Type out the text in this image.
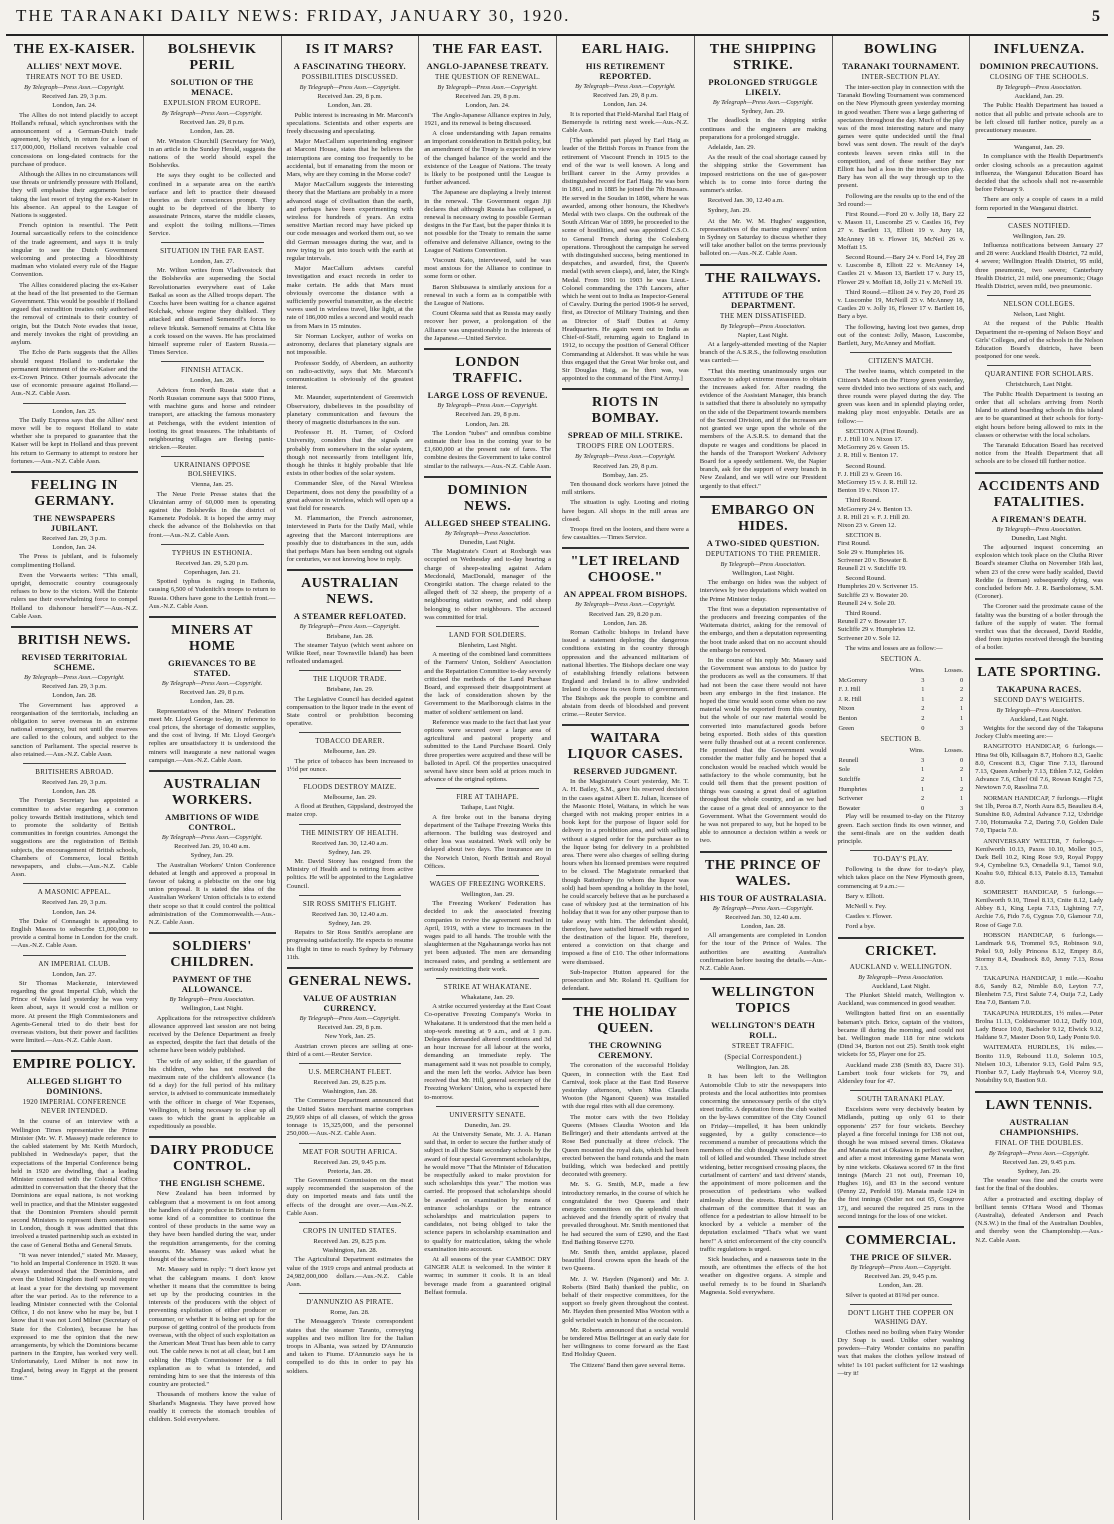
THE TARANAKI DAILY NEWS: FRIDAY, JANUARY 30, 1920.	5
THE EX-KAISER.
ALLIES' NEXT MOVE.
THREATS NOT TO BE USED.
By Telegraph—Press Assn.—Copyright.
Received Jan. 29, 3 p.m.
London, Jan. 24.

The Allies do not intend placidly to accept Holland's refusal, which synchronises with the announcement of a German-Dutch trade agreement, by which, in return for a loan of £17,000,000, Holland receives valuable coal concessions on long-dated contracts for the purchase of produce.

Although the Allies in no circumstances will use threats or unfriendly pressure with Holland, they will emphasise their arguments before taking the last resort of trying the ex-Kaiser in his absence. An appeal to the League of Nations is suggested.

French opinion is resentful. The Petit Journal sarcastically refers to the coincidence of the trade agreement, and says it is truly singular to see the Dutch Government welcoming and protecting a bloodthirsty madman who violated every rule of the Hague Convention.

The Allies considered placing the ex-Kaiser at the head of the list presented to the German Government. This would be possible if Holland argued that extradition treaties only authorised the removal of criminals to their country of origin, but the Dutch Note evades that issue, and merely invokes the right of providing an asylum.

The Echo de Paris suggests that the Allies should request Holland to undertake the permanent internment of the ex-Kaiser and the ex-Crown Prince. Other journals advocate the use of economic pressure against Holland.—Aus.-N.Z. Cable Assn.

London, Jan. 25.

The Daily Express says that the Allies' next move will be to request Holland to state whether she is prepared to guarantee that the Kaiser will be kept in Holland and thus prevent his return to Germany to attempt to restore her fortunes.—Aus.-N.Z. Cable Assn.

FEELING IN GERMANY.
THE NEWSPAPERS JUBILANT.
Received Jan. 29, 3 p.m.
London, Jan. 24.

The Press is jubilant, and is fulsomely complimenting Holland.

Even the Vorwaerts writes: "This small, upright, democratic country courageously refuses to bow to the victors. Will the Entente rulers use their overwhelming force to compel Holland to dishonour herself?"—Aus.-N.Z. Cable Assn.

BRITISH NEWS.
REVISED TERRITORIAL SCHEME.
By Telegraph—Press Assn.—Copyright.
Received Jan. 29, 3 p.m.
London, Jan. 28.

The Government has approved a reorganisation of the territorials, including an obligation to serve overseas in an extreme national emergency, but not until the reserves are called to the colours, and subject to the sanction of Parliament. The special reserve is also retained.—Aus.-N.Z. Cable Assn.

BRITISHERS ABROAD.
Received Jan. 29, 3 p.m.
London, Jan. 28.

The Foreign Secretary has appointed a committee to advise regarding a common policy towards British institutions, which tend to promote the solidarity of British communities in foreign countries. Amongst the suggestions are the registration of British subjects, the encouragement of British schools, Chambers of Commerce, local British newspapers, and clubs.—Aus.-N.Z. Cable Assn.

A MASONIC APPEAL.
Received Jan. 29, 3 p.m.
London, Jan. 24.

The Duke of Connaught is appealing to English Masons to subscribe £1,000,000 to provide a central home in London for the craft.—Aus.-N.Z. Cable Assn.

AN IMPERIAL CLUB.
London, Jan. 27.

Sir Thomas Mackenzie, interviewed regarding the great Imperial Club, which the Prince of Wales laid yesterday he was very keen about, says it would cost a million or more. At present the High Commissioners and Agents-General tried to do their best for overseas visitors, but their power and facilities were limited.—Aus.-N.Z. Cable Assn.

EMPIRE POLICY.
ALLEGED SLIGHT TO DOMINIONS.
1920 IMPERIAL CONFERENCE NEVER INTENDED.

In the course of an interview with a Wellington Times representative the Prime Minister (Mr. W. F. Massey) made reference to the cabled statement by Mr. Keith Murdoch, published in Wednesday's paper, that the expectations of the Imperial Conference being held in 1920 are dwindling, that a leading Minister connected with the Colonial Office admitted in conversation that the theory that the Dominions are equal nations, is not working well in practice, and that the Minister suggested that the Dominion Premiers should permit second Ministers to represent them sometimes in London, though it was admitted that this involved a trusted partnership such as existed in the case of General Botha and General Smuts.

"It was never intended," stated Mr. Massey, "to hold an Imperial Conference in 1920. It was always understood that the Dominions, and even the United Kingdom itself would require at least a year for the devising up movement after the war period. As to the reference to a leading Minister connected with the Colonial Office, I do not know who he may be, but I know that it was not Lord Milner (Secretary of State for the Colonies), because he has expressed to me the opinion that the new arrangements, by which the Dominions became partners in the Empire, has worked very well. Unfortunately, Lord Milner is not now in England, being away in Egypt at the present time."

BOLSHEVIK PERIL
SOLUTION OF THE MENACE.
EXPULSION FROM EUROPE.
By Telegraph—Press Assn.—Copyright.
Received Jan. 29, 8 p.m.
London, Jan. 28.

Mr. Winston Churchill (Secretary for War), in an article in the Sunday Herald, suggests the nations of the world should expel the Bolsheviks.

He says they ought to be collected and confined in a separate area on the earth's surface and left to practice their diseased theories as their consciences prompt. They ought to be deprived of the liberty to assassinate Princes, starve the middle classes, and exploit the toiling millions.—Times Service.

SITUATION IN THE FAR EAST.
London, Jan. 27.

Mr. Wilton writes from Vladivostock that the Bolsheviks are superseding the Social Revolutionaries everywhere east of Lake Baikal as soon as the Allied troops depart. The Czechs have been waiting for a chance against Kolchak, whose regime they disliked. They attacked and disarmed Semenoff's forces to relieve Irkutsk. Semenoff remains at Chita like a cork tossed on the waves. He has proclaimed himself supreme ruler of Eastern Russia.—Times Service.

FINNISH ATTACK.
London, Jan. 28.

Advices from North Russia state that a North Russian commune says that 5000 Finns, with machine guns and horse and reindeer transport, are attacking the famous monastery at Petchenga, with the evident intention of looting its great treasures. The inhabitants of neighbouring villages are fleeing panic-stricken.—Reuter.

UKRAINIANS OPPOSE BOLSHEVIKS.
Vienna, Jan. 25.

The Neue Freie Presse states that the Ukrainian army of 60,000 men is operating against the Bolsheviks in the district of Kamenetz Podolsk. It is hoped the army may check the advance of the Bolsheviks on that front.—Aus.-N.Z. Cable Assn.

TYPHUS IN ESTHONIA.
Received Jan. 29, 5.20 p.m.
Copenhagen, Jan. 21.

Spotted typhus is raging in Esthonia, causing 6,500 of Yudenitch's troops to return to Russia. Others have gone to the Lettish front.—Aus.-N.Z. Cable Assn.

MINERS AT HOME
GRIEVANCES TO BE STATED.
By Telegraph—Press Assn.—Copyright.
Received Jan. 29, 8 p.m.
London, Jan. 28.

Representatives of the Miners' Federation meet Mr. Lloyd George to-day, in reference to coal prices, the shortage of domestic supplies, and the cost of living. If Mr. Lloyd George's replies are unsatisfactory it is understood the miners will inaugurate a new national wages campaign.—Aus.-N.Z. Cable Assn.

AUSTRALIAN WORKERS.
AMBITIONS OF WIDE CONTROL.
By Telegraph—Press Assn.—Copyright.
Received Jan. 29, 10.40 a.m.
Sydney, Jan. 29.

The Australian Workers' Union Conference debated at length and approved a proposal in favour of taking a plebiscite on the one big union proposal. It is stated the idea of the Australian Workers' Union officials is to extend their scope so that it could control the political administration of the Commonwealth.—Aus.-N.Z. Cable Assn.

SOLDIERS' CHILDREN.
PAYMENT OF THE ALLOWANCE.
By Telegraph—Press Association.
Wellington, Last Night.

Applications for the retrospective children's allowance approved last session are not being received by the Defence Department as freely as expected, despite the fact that details of the scheme have been widely published.

The wife of any soldier, if the guardian of his children, who has not received the maximum rate of the children's allowance (1s 6d a day) for the full period of his military service, is advised to communicate immediately with the officer in charge of War Expenses, Wellington, it being necessary to clear up all cases to which the grant is applicable as expeditiously as possible.

DAIRY PRODUCE CONTROL.
THE ENGLISH SCHEME.

New Zealand has been informed by cablegram that a movement is on foot among the handlers of dairy produce in Britain to form some kind of a committee to continue the control of these products in the same way as they have been handled during the war, under the requisition arrangements, for the coming seasons. Mr. Massey was asked what he thought of the scheme.

Mr. Massey said in reply: "I don't know yet what the cablegram means. I don't know whether it means that the committee is being set up by the producing countries in the interests of the producers with the object of preventing exploitation of either producer or consumer, or whether it is being set up for the purpose of getting control of the products from overseas, with the object of such exploitation as the American Meat Trust has been able to carry out. The cable news is not at all clear, but I am cabling the High Commissioner for a full explanation as to what is intended, and reminding him to see that the interests of this country are protected."

Thousands of mothers know the value of Sharland's Magnesia. They have proved how readily it corrects the stomach troubles of children. Sold everywhere.

IS IT MARS?
A FASCINATING THEORY.
POSSIBILITIES DISCUSSED.
By Telegraph—Press Assn.—Copyright.
Received Jan. 29, 8 p.m.
London, Jan. 28.

Public interest is increasing in Mr. Marconi's speculations. Scientists and other experts are freely discussing and speculating.

Major MacCallum superintending engineer at Marconi House, states that he believes the interruptions are coming too frequently to be accidental, but if emanating from the moon or Mars, why are they coming in the Morse code?

Major MacCallum suggests the interesting theory that the Martians are probably in a more advanced stage of civilisation than the earth, and perhaps have been experimenting with wireless for hundreds of years. An extra sensitive Martian record may have picked up our code messages and worked them out, so we did German messages during the war, and is now trying to get into touch with the earth at regular intervals.

Major MacCallum advises careful investigation and exact records in order to make certain. He adds that Mars must obviously overcome the distance with a sufficiently powerful transmitter, as the electric waves used in wireless travel, like light, at the rate of 186,000 miles a second and would reach us from Mars in 15 minutes.

Sir Norman Lockyer, author of works on astronomy, declares that planetary signals are not impossible.

Professor Soddy, of Aberdeen, an authority on radio-activity, says that Mr. Marconi's communication is obviously of the greatest interest.

Mr. Maunder, superintendent of Greenwich Observatory, disbelieves in the possibility of planetary communication and favours the theory of magnetic disturbances in the sun.

Professor H. H. Turner, of Oxford University, considers that the signals are probably from somewhere in the solar system, though not necessarily from intelligent life, though he thinks it highly probable that life exists in other bodies of the solar system.

Commander Slee, of the Naval Wireless Department, does not deny the possibility of a great advance in wireless, which will open up a vast field for research.

M. Flammarion, the French astronomer, interviewed in Paris for the Daily Mail, while agreeing that the Marconi interruptions are possibly due to disturbances in the sun, adds that perhaps Mars has been sending out signals for centuries, we not knowing how to reply.

AUSTRALIAN NEWS.
A STEAMER REFLOATED.
By Telegraph—Press Assn.—Copyright.
Brisbane, Jan. 28.

The steamer Taiyuo (which went ashore on Wilkie Reef, near Townsville Island) has been refloated undamaged.

THE LIQUOR TRADE.
Brisbane, Jan. 29.

The Legislative Council has decided against compensation to the liquor trade in the event of State control or prohibition becoming operative.

TOBACCO DEARER.
Melbourne, Jan. 29.

The price of tobacco has been increased to 1½d per ounce.

FLOODS DESTROY MAIZE.
Melbourne, Jan. 29.

A flood at Bruthen, Gippsland, destroyed the maize crop.

THE MINISTRY OF HEALTH.
Received Jan. 30, 12.40 a.m.
Sydney, Jan. 29.

Mr. David Storey has resigned from the Ministry of Health and is retiring from active politics. He will be appointed to the Legislative Council.

SIR ROSS SMITH'S FLIGHT.
Received Jan. 30, 12.40 a.m.
Sydney, Jan. 29.

Repairs to Sir Ross Smith's aeroplane are progressing satisfactorily. He expects to resume his flight in time to reach Sydney by February 11th.

GENERAL NEWS.
VALUE OF AUSTRIAN CURRENCY.
By Telegraph—Press Assn.—Copyright.
Received Jan. 29, 8 p.m.
New York, Jan. 25.

Austrian crown pieces are selling at one-third of a cent.—Reuter Service.

U.S. MERCHANT FLEET.
Received Jan. 29, 8.25 p.m.
Washington, Jan. 28.

The Commerce Department announced that the United States merchant marine comprises 29,669 ships of all classes, of which the gross tonnage is 15,325,000, and the personnel 250,000.—Aus.-N.Z. Cable Assn.

MEAT FOR SOUTH AFRICA.
Received Jan. 29, 9.45 p.m.
Pretoria, Jan. 28.

The Government Commission on the meat supply recommended the suspension of the duty on imported meats and fats until the effects of the drought are over.—Aus.-N.Z. Cable Assn.

CROPS IN UNITED STATES.
Received Jan. 29, 8.25 p.m.
Washington, Jan. 28.

The Agricultural Department estimates the value of the 1919 crops and animal products at 24,982,000,000 dollars.—Aus.-N.Z. Cable Assn.

D'ANNUNZIO AS PIRATE.
Rome, Jan. 28.

The Messaggero's Trieste correspondent states that the steamer Taranto, conveying supplies and two million lire for the Italian troops in Albania, was seized by D'Annunzio and taken to Fiume. D'Annunzio says he is compelled to do this in order to pay his soldiers.

THE FAR EAST.
ANGLO-JAPANESE TREATY.
THE QUESTION OF RENEWAL.
By Telegraph—Press Assn.—Copyright.
Received Jan. 29, 8 p.m.
London, Jan. 24.

The Anglo-Japanese Alliance expires in July, 1921, and its renewal is being discussed.

A close understanding with Japan remains an important consideration in British policy, but an amendment of the Treaty is expected in view of the changed balance of the world and the existence of the League of Nations. The treaty is likely to be postponed until the League is further advanced.

The Japanese are displaying a lively interest in the renewal. The Government organ Jiji declares that although Russia has collapsed, a renewal is necessary owing to possible German designs in the Far East, but the paper thinks it is not possible for the Treaty to remain the same offensive and defensive Alliance, owing to the League of Nations Convention.

Viscount Kato, interviewed, said he was most anxious for the Alliance to continue in some form or other.

Baron Shibusawa is similarly anxious for a renewal in such a form as is compatible with the League of Nations.

Count Okuma said that as Russia may easily recover her power, a prolongation of the Alliance was unquestionably in the interests of the Japanese.—United Service.

LONDON TRAFFIC.
LARGE LOSS OF REVENUE.
By Telegraph—Press Assn.—Copyright.
Received Jan. 29, 8 p.m.
London, Jan. 28.

The London "tubes" and omnibus combine estimate their loss in the coming year to be £1,600,000 at the present rate of fares. The combine desires the Government to take control similar to the railways.—Aus.-N.Z. Cable Assn.

DOMINION NEWS.
ALLEGED SHEEP STEALING.
By Telegraph—Press Association.
Dunedin, Last Night.

The Magistrate's Court at Roxburgh was occupied on Wednesday and to-day hearing a charge of sheep-stealing against Adam Mecdonald, MacDonald, manager of the Orongiriki station. The charge related to the alleged theft of 32 sheep, the property of a neighbouring station owner, and odd sheep belonging to other neighbours. The accused was committed for trial.

LAND FOR SOLDIERS.
Blenheim, Last Night.

A meeting of the combined land committees of the Farmers' Union, Soldiers' Association and the Repatriation Committee to-day severely criticised the methods of the Land Purchase Board, and expressed their disappointment at the lack of consideration shown by the Government to the Marlborough claims in the matter of soldiers' settlement on land.

Reference was made to the fact that last year options were secured over a large area of agricultural and pastoral property and submitted to the Land Purchase Board. Only three properties were acquired and these will be balloted in April. Of the properties unacquired several have since been sold at prices much in advance of the original options.

FIRE AT TAIHAPE.
Taihape, Last Night.

A fire broke out in the banana drying department of the Taihape Freezing Works this afternoon. The building was destroyed and other loss was sustained. Work will only be delayed about two days. The insurance are in the Norwich Union, North British and Royal Offices.

WAGES OF FREEZING WORKERS.
Wellington, Jan. 29.

The Freezing Workers' Federation has decided to ask the associated freezing companies to revive the agreement reached in April, 1919, with a view to increases in the wages paid to all hands. The trouble with the slaughtermen at the Ngahauranga works has not yet been adjusted. The men are demanding increased rates, and pending a settlement are seriously restricting their work.

STRIKE AT WHAKATANE.
Whakatane, Jan. 29.

A strike occurred yesterday at the East Coast Co-operative Freezing Company's Works in Whakatane. It is understood that the men held a stop-work meeting at 9 a.m., and at 1 p.m. Delegates demanded altered conditions and 3d an hour increase for all labour at the works, demanding an immediate reply. The management said it was not possible to comply, and the men left the works. Advice has been received that Mr. Hill, general secretary of the Freezing Workers' Union, who is expected here to-morrow.

UNIVERSITY SENATE.
Dunedin, Jan. 29.

At the University Senate, Mr. J. A. Hanan said that, in order to secure the further study of subject in all the State secondary schools by the award of four special Government scholarships, he would move "That the Minister of Education be respectfully asked to make provision for such scholarships this year." The motion was carried. He proposed that scholarships should be awarded on examination by means of entrance scholarships or the entrance scholarships and matriculation papers to candidates, not being obliged to take the science papers in scholarship examination and to qualify for matriculation, taking the whole examination into account.

At all seasons of the year CAMBOC DRY GINGER ALE is welcomed. In the winter it warms; in summer it cools. It is an ideal beverage made from a guaranteed original Belfast formula.

EARL HAIG.
HIS RETIREMENT REPORTED.
By Telegraph—Press Assn.—Copyright.
Received Jan. 29, 8 p.m.
London, Jan. 24.

It is reported that Field-Marshal Earl Haig of Bemersyde is retiring next week.—Aus.-N.Z. Cable Assn.

[The splendid part played by Earl Haig as leader of the British Forces in France from the retirement of Viscount French in 1915 to the end of the war is well known. A long and brilliant career in the Army provides a distinguished record for Earl Haig. He was born in 1861, and in 1885 he joined the 7th Hussars. He served in the Soudan in 1898, where he was awarded, among other honours, the Khedive's Medal with two clasps. On the outbreak of the South African War of 1899, he proceeded to the scene of hostilities, and was appointed C.S.O. to General French during the Colesberg operations. Throughout the campaign he served with distinguished success, being mentioned in despatches, and awarded, first, the Queen's medal (with seven clasps), and, later, the King's Medal. From 1901 to 1903 he was Lieut.-Colonel commanding the 17th Lancers, after which he went out to India as Inspector-General of Cavalry. During the period 1906-9 he served, first, as Director of Military Training, and then as Director of Staff Duties at Army Headquarters. He again went out to India as Chief-of-Staff, returning again to England in 1912, to occupy the position of General Officer Commanding at Aldershot. It was while he was thus engaged that the Great War broke out, and Sir Douglas Haig, as he then was, was appointed to the command of the First Army.]

RIOTS IN BOMBAY.
SPREAD OF MILL STRIKE.
TROOPS FIRE ON LOOTERS.
By Telegraph—Press Assn.—Copyright.
Received Jan. 29, 8 p.m.
Bombay, Jan. 25.

Ten thousand dock workers have joined the mill strikers.

The situation is ugly. Looting and rioting have begun. All shops in the mill areas are closed.

Troops fired on the looters, and there were a few casualties.—Times Service.

"LET IRELAND CHOOSE."
AN APPEAL FROM BISHOPS.
By Telegraph—Press Assn.—Copyright.
Received Jan. 29, 8.20 p.m.
London, Jan. 28.

Roman Catholic bishops in Ireland have issued a statement deploring the dangerous conditions existing in the country through oppression and the advanced militarism of national liberties. The Bishops declare one way of establishing friendly relations between England and Ireland is to allow undivided Ireland to choose its own form of government. The Bishops ask the people to combine and abstain from deeds of bloodshed and prevent crime.—Reuter Service.

WAITARA LIQUOR CASES.
RESERVED JUDGMENT.

In the Magistrate's Court yesterday, Mr. T. A. H. Bailey, S.M., gave his reserved decision in the cases against Albert E. Julian, licensee of the Masonic Hotel, Waitara, in which he was charged with not making proper entries in a book kept for the purpose of liquor sold for delivery in a prohibition area, and with selling without a signed order for the purchaser as to the liquor being for delivery in a prohibited area. There were also charges of selling during hours when his licensed premises were required to be closed. The Magistrate remarked that though Rattenbury (to whom the liquor was sold) had been spending a holiday in the hotel, he could scarcely believe that as he purchased a case of whiskey just at the termination of his holiday that it was for any other purpose than to take away with him. The defendant should, therefore, have satisfied himself with regard to the destination of the liquor. He, therefore, entered a conviction on that charge and imposed a fine of £10. The other informations were dismissed.

Sub-Inspector Hutton appeared for the prosecution and Mr. Roland H. Quilliam for defendant.

THE HOLIDAY QUEEN.
THE CROWNING CEREMONY.

The coronation of the successful Holiday Queen, in connection with the East End Carnival, took place at the East End Reserve yesterday afternoon, when Miss Claudia Wooton (the Nganoni Queen) was installed with due regal rites with all due ceremony.

The motor cars with the two Holiday Queens (Misses Claudia Wooton and Ida Bellringer) and their attendants arrived at the Rose Bed punctually at three o'clock. The Queen mounted the royal dais, which had been erected between the band rotunda and the main building, which was bedecked and prettily decorated with greenery.

Mr. S. G. Smith, M.P., made a few introductory remarks, in the course of which he congratulated the two Queens and their energetic committees on the splendid result achieved and the friendly spirit of rivalry that prevailed throughout. Mr. Smith mentioned that he had secured the sum of £290, and the East End Bathing Reserve £270.

Mr. Smith then, amidst applause, placed beautiful floral crowns upon the heads of the two Queens.

Mr. J. W. Hayden (Nganoni) and Mr. J. Roberts (Bird Bath) thanked the public, on behalf of their respective committees, for the support so freely given throughout the contest. Mr. Hayden then presented Miss Wooton with a gold wristlet watch in honour of the occasion.

Mr. Roberts announced that a social would be tendered Miss Bellringer at an early date for her willingness to come forward as the East End Holiday Queen.

The Citizens' Band then gave several items.

THE SHIPPING STRIKE.
PROLONGED STRUGGLE LIKELY.
By Telegraph—Press Assn.—Copyright.
Sydney, Jan. 29.

The deadlock in the shipping strike continues and the engineers are making preparations for a prolonged struggle.

Adelaide, Jan. 29.

As the result of the coal shortage caused by the shipping strike the Government has imposed restrictions on the use of gas-power which is to come into force during the summer's strike.

Received Jan. 30, 12.40 a.m.

Sydney, Jan. 29.

At the Mr. W. M. Hughes' suggestion, representatives of the marine engineers' union in Sydney on Saturday to discuss whether they will take another ballot on the terms previously balloted on.—Aus.-N.Z. Cable Assn.

THE RAILWAYS.
ATTITUDE OF THE DEPARTMENT.
THE MEN DISSATISFIED.
By Telegraph—Press Association.
Napier, Last Night.

At a largely-attended meeting of the Napier branch of the A.S.R.S., the following resolution was carried:—

"That this meeting unanimously urges our Executive to adopt extreme measures to obtain the increases asked for. After reading the evidence of the Assistant Manager, this branch is satisfied that there is absolutely no sympathy on the side of the Department towards members of the Second Division, and if the increases are not granted we urge upon the whole of the members of the A.S.R.S. to demand that the dispute re wages and conditions be placed in the hands of the Transport Workers' Advisory Board for a speedy settlement. We, the Napier branch, ask for the support of every branch in New Zealand, and we will wire our President urgently to that effect."

EMBARGO ON HIDES.
A TWO-SIDED QUESTION.
DEPUTATIONS TO THE PREMIER.
By Telegraph—Press Association.
Wellington, Last Night.

The embargo on hides was the subject of interviews by two deputations which waited on the Prime Minister today.

The first was a deputation representative of the producers and freezing companies of the Waitemata district, asking for the removal of the embargo, and then a deputation representing the boot trade asked that on no account should the embargo be removed.

In the course of his reply Mr. Massey said the Government was anxious to do justice by the producers as well as the consumers. If that had not been the case there would not have been any embargo in the first instance. He hoped the time would soon come when no raw material would be exported from this country, but the whole of our raw material would be converted into manufactured goods before being exported. Both sides of this question were fully thrashed out at a recent conference. He promised that the Government would consider the matter fully and he hoped that a conclusion would be reached which would be satisfactory to the whole community, but he could tell them that the present position of things was causing a great deal of agitation throughout the whole country, and as we had the cause of a great deal of annoyance to the Government. What the Government would do he was not prepared to say, but he hoped to be able to announce a decision within a week or two.

THE PRINCE OF WALES.
HIS TOUR OF AUSTRALASIA.
By Telegraph—Press Assn.—Copyright.
Received Jan. 30, 12.40 a.m.
London, Jan. 28.

All arrangements are completed in London for the tour of the Prince of Wales. The authorities are awaiting Australia's confirmation before issuing the details.—Aus.-N.Z. Cable Assn.

WELLINGTON TOPICS
WELLINGTON'S DEATH ROLL.
STREET TRAFFIC.
(Special Correspondent.)
Wellington, Jan. 28.

It has been left to the Wellington Automobile Club to stir the newspapers into protests and the local authorities into promises concerning the unnecessary perils of the city's street traffic. A deputation from the club waited on the by-laws committee of the City Council on Friday—impelled, it has been unkindly suggested, by a guilty conscience—to recommend a number of precautions which the members of the club thought would reduce the toll of killed and wounded. These include street widening, better recognised crossing places, the curtailment of carriers' and taxi drivers' stands, the appointment of more policemen and the prosecution of pedestrians who walked aimlessly about the streets. Reminded by the chairman of the committee that it was an offence for a pedestrian to allow himself to be knocked by a vehicle a member of the deputation exclaimed "That's what we want here!" A strict enforcement of the city council's traffic regulations is urged.

Sick headaches, and a nauseous taste in the mouth, are oftentimes the effects of the hot weather on digestive organs. A simple and useful remedy is to be found in Sharland's Magnesia. Sold everywhere.

BOWLING
TARANAKI TOURNAMENT.
INTER-SECTION PLAY.

The inter-section play in connection with the Taranaki Bowling Tournament was commenced on the New Plymouth green yesterday morning in good weather. There was a large gathering of spectators throughout the day. Much of the play was of the most interesting nature and many games were quite undecided until the final bowl was sent down. The result of the day's contests leaves seven rinks still in the competition, and of these neither Bay nor Elliott has had a loss in the inter-section play. Bary has won all the way through up to the present.

Following are the results up to the end of the 3rd round:—

First Round.—Ford 20 v. Jolly 18, Bary 22 v. Mason 11, Luscombe 25 v. Castles 16, Fey 27 v. Bartlett 13, Elliott 19 v. Jury 18, McAnney 18 v. Flower 16, McNeil 26 v. Moffatt 15.

Second Round.—Bary 24 v. Ford 14, Fey 28 v. Luscombe 8, Elliott 22 v. McAnney 14, Castles 21 v. Mason 13, Bartlett 17 v. Jury 15, Flower 29 v. Moffatt 18, Jolly 21 v. McNeil 19.

Third Round.—Elliott 24 v. Fey 20, Ford 26 v. Luscombe 19, McNeill 23 v. McAnney 18, Castles 20 v. Jolly 16, Flower 17 v. Bartlett 16, Bary a bye.

The following, having lost two games, drop out of the contest: Jolly, Mason, Luscombe, Bartlett, Jury, McAnney and Moffatt.

CITIZEN'S MATCH.

The twelve teams, which competed in the Citizen's Match on the Fitzroy green yesterday, were divided into two sections of six each, and three rounds were played during the day. The green was keen and in splendid playing order, making play most enjoyable. Details are as follow:—

SECTION A (First Round).
F. J. Hill 10 v. Nixon 17.
McGorrery 26 v. Green 15.
J. R. Hill v. Benton 17.

Second Round.
F. J. Hill 23 v. Green 16.
McGorrery 15 v. J. R. Hill 12.
Benton 19 v. Nixon 17.

Third Round.
McGorrery 24 v. Benton 13.
J. R. Hill 21 v. F. J. Hill 20.
Nixon 23 v. Green 12.

SECTION B.
First Round.
Sole 29 v. Humphries 16.
Scrivener 20 v. Bowater 8.
Reunell 21 v. Sutcliffe 19.

Second Round.
Humphries 20 v. Scrivener 15.
Sutcliffe 23 v. Bowater 20.
Reunell 24 v. Sole 20.

Third Round.
Reunell 27 v. Bowater 17.
Sutcliffe 29 v. Humphries 12.
Scrivener 20 v. Sole 12.

The wins and losses are as follow:—

SECTION A.
	Wins.	Losses.
McGorrery	3	0
F. J. Hill	1	2
J. R. Hill	1	2
Nixon	2	1
Benton	2	1
Green	0	3
SECTION B.
	Wins.	Losses.
Reunell	3	0
Sole	1	2
Sutcliffe	2	1
Humphries	1	2
Scrivener	2	1
Bowater	0	3

Play will be resumed to-day on the Fitzroy green. Each section finds its own winner, and the semi-finals are on the sudden death principle.

TO-DAY'S PLAY.

Following is the draw for to-day's play, which takes place on the New Plymouth green, commencing at 9 a.m.:—

Bary v. Elliott.

McNeill v. Fey.

Castles v. Flower.

Ford a bye.

CRICKET.
AUCKLAND v. WELLINGTON.
By Telegraph—Press Association.
Auckland, Last Night.

The Plunket Shield match, Wellington v. Auckland, was commenced in good weather.

Wellington batted first on an essentially batsman's pitch. Brice, captain of the visitors, became ill during the morning, and could not bat. Wellington made 118 for nine wickets (Dind 34, Burton not out 25). Smith took eight wickets for 55, Player one for 25.

Auckland made 238 (Smith 83, Dacre 31). Lambert took four wickets for 79, and Aldersley four for 47.

SOUTH TARANAKI PLAY.

Excelsiors were very decisively beaten by Midlands, putting up only 61 to their opponents' 257 for four wickets. Beechey played a fine forceful innings for 138 not out, though he was missed several times. Okaiawa and Manaia met at Okaiawa in perfect weather, and after a most interesting game Manaia won by nine wickets. Okaiawa scored 67 in the first innings (March 21 not out), Freeman 10, Hughes 16), and 83 in the second venture (Penny 22, Penfold 19). Manaia made 124 in the first innings (Ostler not out 65, Cosgrove 17), and secured the required 25 runs in the second innings for the loss of one wicket.

COMMERCIAL.
THE PRICE OF SILVER.
By Telegraph—Press Assn.—Copyright.
Received Jan. 29, 9.45 p.m.
London, Jan. 28.

Silver is quoted at 81⅜d per ounce.

DON'T LIGHT THE COPPER ON WASHING DAY.

Clothes need no boiling when Fairy Wonder Dry Soap is used. Unlike other washing powders—Fairy Wonder contains no paraffin wax that makes the clothes yellow instead of white! 1s 101 packet sufficient for 12 washings—try it!

INFLUENZA.
DOMINION PRECAUTIONS.
CLOSING OF THE SCHOOLS.
By Telegraph—Press Association.
Auckland, Jan. 29.

The Public Health Department has issued a notice that all public and private schools are to be left closed till further notice, purely as a precautionary measure.

Wanganui, Jan. 29.

In compliance with the Health Department's order closing schools as a precaution against influenza, the Wanganui Education Board has decided that the schools shall not re-assemble before February 9.

There are only a couple of cases in a mild form reported in the Wanganui district.

CASES NOTIFIED.
Wellington, Jan. 29.

Influenza notifications between January 27 and 28 were: Auckland Health District, 72 mild, 4 severe; Wellington Health District, 95 mild, three pneumonic, two severe; Canterbury Health District, 21 mild, one pneumonic; Otago Health District, seven mild, two pneumonic.

NELSON COLLEGES.
Nelson, Last Night.

At the request of the Public Health Department the re-opening of Nelson Boys' and Girls' Colleges, and of the schools in the Nelson Education Board's districts, have been postponed for one week.

QUARANTINE FOR SCHOLARS.
Christchurch, Last Night.

The Public Health Department is issuing an order that all scholars arriving from North Island to attend boarding schools in this island are to be quarantined at their schools for forty-eight hours before being allowed to mix in the classes or otherwise with the local scholars.

The Taranaki Education Board has received notice from the Health Department that all schools are to be closed till further notice.

ACCIDENTS AND FATALITIES.
A FIREMAN'S DEATH.
By Telegraph—Press Association.
Dunedin, Last Night.

The adjourned inquest concerning an explosion which took place on the Clutha River Board's steamer Clutha on November 16th last, when 23 of the crew were badly scalded, David Reddie (a fireman) subsequently dying, was concluded before Mr. J. R. Bartholomew, S.M. (Coroner).

The Coroner said the proximate cause of the fatality was the bursting of a boiler through the failure of the supply of water. The formal verdict was that the deceased, David Reddie, died from injuries received through the bursting of a boiler.

LATE SPORTING.
TAKAPUNA RACES.
SECOND DAY'S WEIGHTS.
By Telegraph—Press Association.
Auckland, Last Night.

Weights for the second day of the Takapuna Jockey Club's meeting are:—

RANGITOTO HANDICAP, 6 furlongs.—Hina 9st 0lb, Killsagain 8.7, Hohoro 8.3, Gaelic 8.0, Crescent 8.3, Cigar Tine 7.13, Ilaround 7.13, Queen Amberly 7.13, Ethlen 7.12, Golden Advance 7.6, Chief Oil 7.6, Rowan Knight 7.5, Newtown 7.0, Rasolina 7.0.

NORMAN HANDICAP, 7 furlongs.—Flight 9st 1lb, Peroa 8.7, North Aura 8.5, Beaulieu 8.4, Sunshine 8.0, Admiral Advance 7.12, Uxbridge 7.10, Hotumauka 7.2, Daring 7.0, Golden Dale 7.0, Tipacia 7.0.

ANNIVERSARY WELTER, 7 furlongs.—Kenilworth 10.13, Paxos 10.10, Moller 10.5, Dark Bell 10.2, King Rose 9.9, Royal Poppy 9.4, Cymbeline 9.3, Ornadella 9.1, Tamoi 9.0, Koahu 9.0, Ethical 8.13, Patelo 8.13, Tamahui 8.0.

SOMERSET HANDICAP, 5 furlongs.—Kenilworth 9.10, Tinsel 8.13, Cnite 8.12, Lady Abbey 8.1, King Lepta 7.13, Lightning 7.7, Archie 7.6, Fido 7.6, Cygnus 7.0, Glamour 7.0, Rose of Gage 7.0.

HOBSON HANDICAP, 6 furlongs.—Landmark 9.6, Trommel 9.5, Robinson 9.0, Pokel 9.0, Jolly Princess 8.12, Empey 8.6, Stormy 8.4, Deadnock 8.0, Jenny 7.13, Rosa 7.13.

TAKAPUNA HANDICAP, 1 mile.—Koahu 8.6, Sandy 8.2, Nimble 8.0, Leyton 7.7, Blenheim 7.5, First Salute 7.4, Ouija 7.2, Lady Ena 7.0, Bantam 7.0.

TAKAPUNA HURDLES, 1½ miles.—Peter Brolna 11.13, Coldstreamer 10.12, Daffy 10.0, Lady Bruce 10.0, Bachelor 9.12, Elwick 9.12, Haldane 9.7, Master Doon 9.0, Lady Poniu 9.0.

WAITEMATA HURDLES, 1¾ miles.—Bonito 11.9, Rebound 11.0, Solemn 10.5, Nielsen 10.3, Liberator 9.13, Gold Palm 9.5, Fionbar 9.7, Lady Haybrush 9.4, Viceroy 9.0, Notability 9.0, Bastion 9.0.

LAWN TENNIS.
AUSTRALIAN CHAMPIONSHIPS.
FINAL OF THE DOUBLES.
By Telegraph—Press Assn.—Copyright.
Received Jan. 29, 9.45 p.m.
Sydney, Jan. 29.

The weather was fine and the courts were fast for the final of the doubles.

After a protracted and exciting display of brilliant tennis O'Hara Wood and Thomas (Australia), defeated Anderson and Peach (N.S.W.) in the final of the Australian Doubles, and thereby won the Championship.—Aus.-N.Z. Cable Assn.
